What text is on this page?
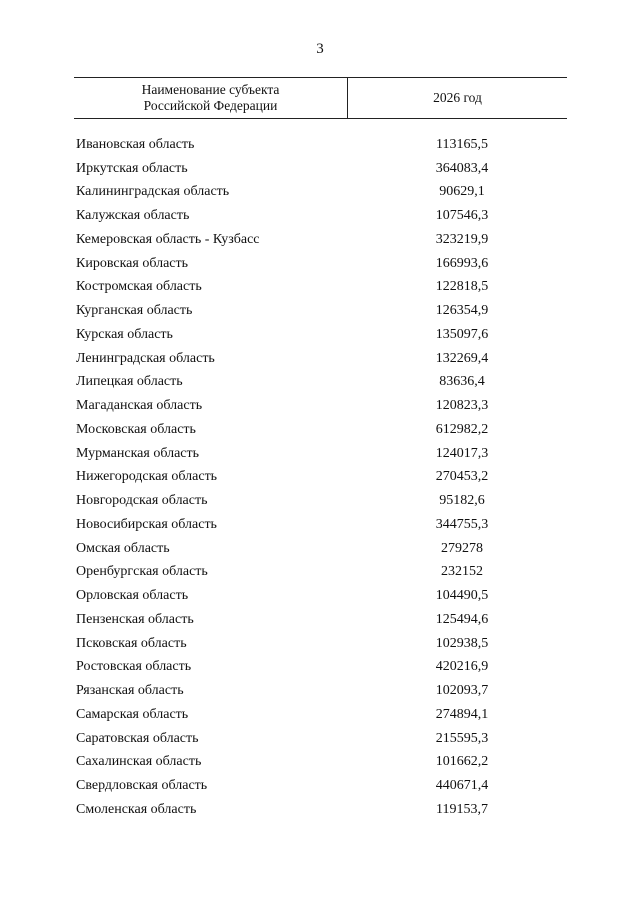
3
Наименование субъекта
Российской Федерации
2026 год
Ивановская область	113165,5
Иркутская область	364083,4
Калининградская область	90629,1
Калужская область	107546,3
Кемеровская область - Кузбасс	323219,9
Кировская область	166993,6
Костромская область	122818,5
Курганская область	126354,9
Курская область	135097,6
Ленинградская область	132269,4
Липецкая область	83636,4
Магаданская область	120823,3
Московская область	612982,2
Мурманская область	124017,3
Нижегородская область	270453,2
Новгородская область	95182,6
Новосибирская область	344755,3
Омская область	279278
Оренбургская область	232152
Орловская область	104490,5
Пензенская область	125494,6
Псковская область	102938,5
Ростовская область	420216,9
Рязанская область	102093,7
Самарская область	274894,1
Саратовская область	215595,3
Сахалинская область	101662,2
Свердловская область	440671,4
Смоленская область	119153,7
